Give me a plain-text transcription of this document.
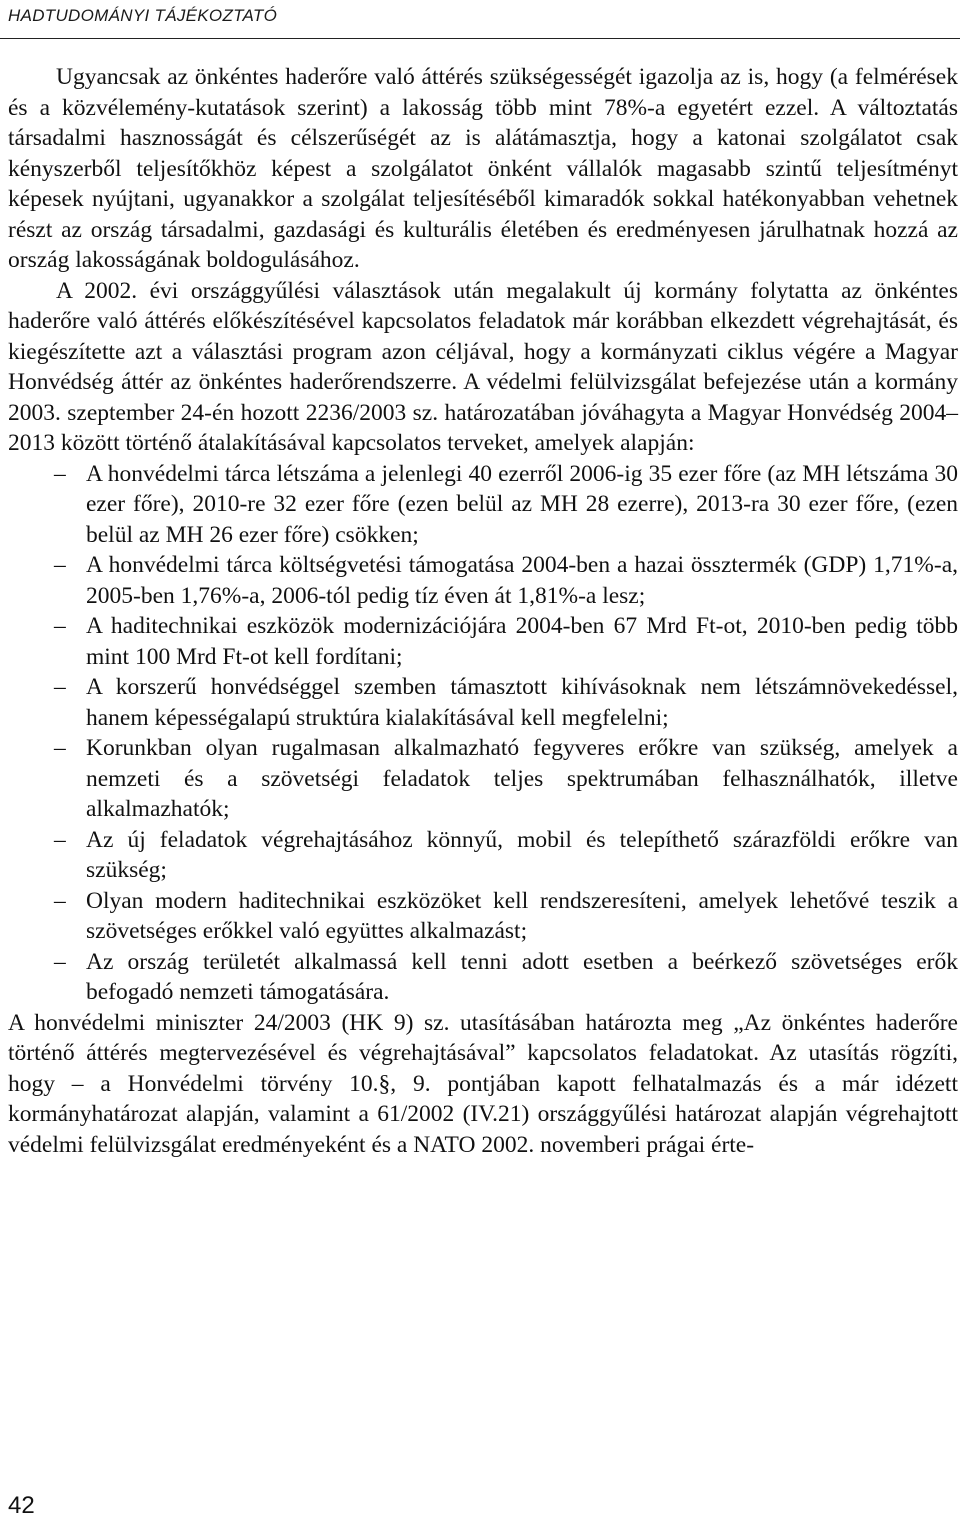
HADTUDOMÁNYI TÁJÉKOZTATÓ

Ugyancsak az önkéntes haderőre való áttérés szükségességét igazolja az is, hogy (a felmérések és a közvélemény-kutatások szerint) a lakosság több mint 78%-a egyetért ezzel. A változtatás társadalmi hasznosságát és célszerűségét az is alátámasztja, hogy a katonai szolgálatot csak kényszerből teljesítőkhöz képest a szolgálatot önként vállalók magasabb szintű teljesítményt képesek nyújtani, ugyanakkor a szolgálat teljesítéséből kimaradók sokkal hatékonyabban vehetnek részt az ország társadalmi, gazdasági és kulturális életében és eredményesen járulhatnak hozzá az ország lakosságának boldogulásához.

A 2002. évi országgyűlési választások után megalakult új kormány folytatta az önkéntes haderőre való áttérés előkészítésével kapcsolatos feladatok már korábban elkezdett végrehajtását, és kiegészítette azt a választási program azon céljával, hogy a kormányzati ciklus végére a Magyar Honvédség áttér az önkéntes haderőrendszerre. A védelmi felülvizsgálat befejezése után a kormány 2003. szeptember 24-én hozott 2236/2003 sz. határozatában jóváhagyta a Magyar Honvédség 2004–2013 között történő átalakításával kapcsolatos terveket, amelyek alapján:

– A honvédelmi tárca létszáma a jelenlegi 40 ezerről 2006-ig 35 ezer főre (az MH létszáma 30 ezer főre), 2010-re 32 ezer főre (ezen belül az MH 28 ezerre), 2013-ra 30 ezer főre, (ezen belül az MH 26 ezer főre) csökken;
– A honvédelmi tárca költségvetési támogatása 2004-ben a hazai össztermék (GDP) 1,71%-a, 2005-ben 1,76%-a, 2006-tól pedig tíz éven át 1,81%-a lesz;
– A haditechnikai eszközök modernizációjára 2004-ben 67 Mrd Ft-ot, 2010-ben pedig több mint 100 Mrd Ft-ot kell fordítani;
– A korszerű honvédséggel szemben támasztott kihívásoknak nem létszámnövekedéssel, hanem képességalapú struktúra kialakításával kell megfelelni;
– Korunkban olyan rugalmasan alkalmazható fegyveres erőkre van szükség, amelyek a nemzeti és a szövetségi feladatok teljes spektrumában felhasználhatók, illetve alkalmazhatók;
– Az új feladatok végrehajtásához könnyű, mobil és telepíthető szárazföldi erőkre van szükség;
– Olyan modern haditechnikai eszközöket kell rendszeresíteni, amelyek lehetővé teszik a szövetséges erőkkel való együttes alkalmazást;
– Az ország területét alkalmassá kell tenni adott esetben a beérkező szövetséges erők befogadó nemzeti támogatására.

A honvédelmi miniszter 24/2003 (HK 9) sz. utasításában határozta meg „Az önkéntes haderőre történő áttérés megtervezésével és végrehajtásával” kapcsolatos feladatokat. Az utasítás rögzíti, hogy – a Honvédelmi törvény 10.§, 9. pontjában kapott felhatalmazás és a már idézett kormányhatározat alapján, valamint a 61/2002 (IV.21) országgyűlési határozat alapján végrehajtott védelmi felülvizsgálat eredményeként és a NATO 2002. novemberi prágai érte-

42
